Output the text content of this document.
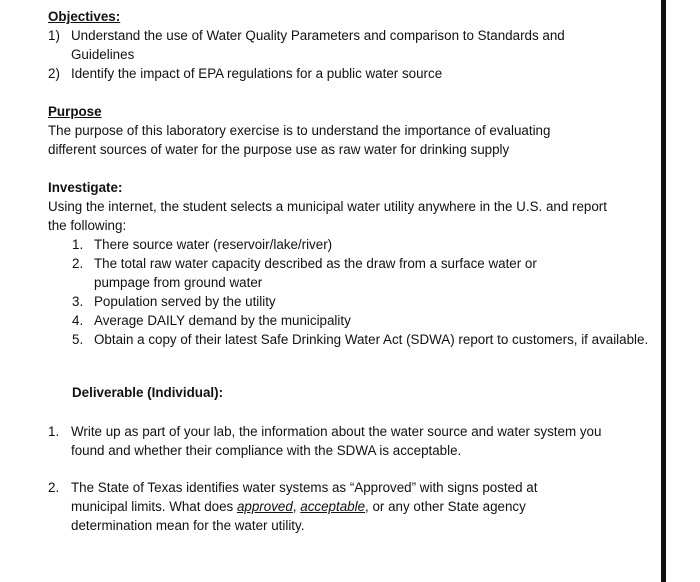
Objectives:
1) Understand the use of Water Quality Parameters and comparison to Standards and Guidelines
2) Identify the impact of EPA regulations for a public water source
Purpose
The purpose of this laboratory exercise is to understand the importance of evaluating different sources of water for the purpose use as raw water for drinking supply
Investigate:
Using the internet, the student selects a municipal water utility anywhere in the U.S. and report the following:
1. There source water (reservoir/lake/river)
2. The total raw water capacity described as the draw from a surface water or pumpage from ground water
3. Population served by the utility
4. Average DAILY demand by the municipality
5. Obtain a copy of their latest Safe Drinking Water Act (SDWA) report to customers, if available.
Deliverable (Individual):
1. Write up as part of your lab, the information about the water source and water system you found and whether their compliance with the SDWA is acceptable.
2. The State of Texas identifies water systems as “Approved” with signs posted at municipal limits. What does approved, acceptable, or any other State agency determination mean for the water utility.
